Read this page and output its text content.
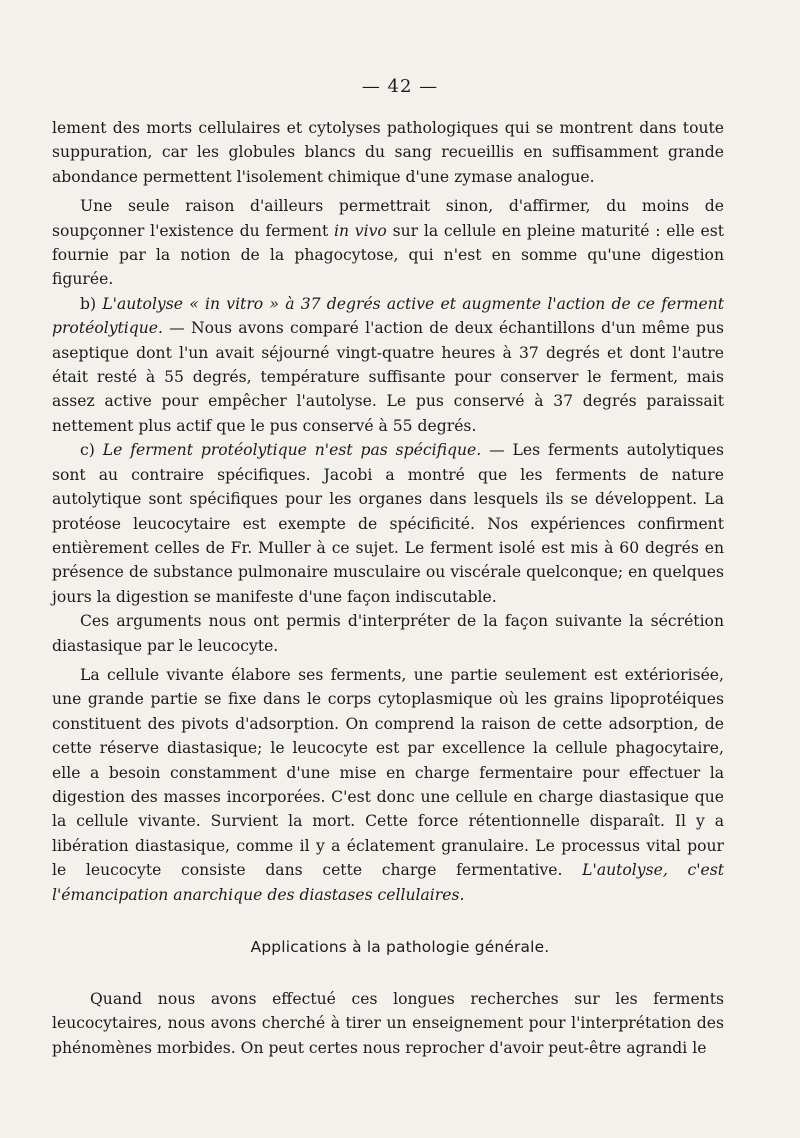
— 42 —

lement des morts cellulaires et cytolyses pathologiques qui se montrent dans toute suppuration, car les globules blancs du sang recueillis en suffisamment grande abondance permettent l'isolement chimique d'une zymase analogue.

Une seule raison d'ailleurs permettrait sinon, d'affirmer, du moins de soupçonner l'existence du ferment in vivo sur la cellule en pleine maturité : elle est fournie par la notion de la phagocytose, qui n'est en somme qu'une digestion figurée.

b) L'autolyse « in vitro » à 37 degrés active et augmente l'action de ce ferment protéolytique. — Nous avons comparé l'action de deux échantillons d'un même pus aseptique dont l'un avait séjourné vingt-quatre heures à 37 degrés et dont l'autre était resté à 55 degrés, température suffisante pour conserver le ferment, mais assez active pour empêcher l'autolyse. Le pus conservé à 37 degrés paraissait nettement plus actif que le pus conservé à 55 degrés.

c) Le ferment protéolytique n'est pas spécifique. — Les ferments autolytiques sont au contraire spécifiques. Jacobi a montré que les ferments de nature autolytique sont spécifiques pour les organes dans lesquels ils se développent. La protéose leucocytaire est exempte de spécificité. Nos expériences confirment entièrement celles de Fr. Muller à ce sujet. Le ferment isolé est mis à 60 degrés en présence de substance pulmonaire musculaire ou viscérale quelconque; en quelques jours la digestion se manifeste d'une façon indiscutable.

Ces arguments nous ont permis d'interpréter de la façon suivante la sécrétion diastasique par le leucocyte.

La cellule vivante élabore ses ferments, une partie seulement est extériorisée, une grande partie se fixe dans le corps cytoplasmique où les grains lipoprotéiques constituent des pivots d'adsorption. On comprend la raison de cette adsorption, de cette réserve diastasique; le leucocyte est par excellence la cellule phagocytaire, elle a besoin constamment d'une mise en charge fermentaire pour effectuer la digestion des masses incorporées. C'est donc une cellule en charge diastasique que la cellule vivante. Survient la mort. Cette force rétentionnelle disparaît. Il y a libération diastasique, comme il y a éclatement granulaire. Le processus vital pour le leucocyte consiste dans cette charge fermentative. L'autolyse, c'est l'émancipation anarchique des diastases cellulaires.

Applications à la pathologie générale.

Quand nous avons effectué ces longues recherches sur les ferments leucocytaires, nous avons cherché à tirer un enseignement pour l'interprétation des phénomènes morbides. On peut certes nous reprocher d'avoir peut-être agrandi le
